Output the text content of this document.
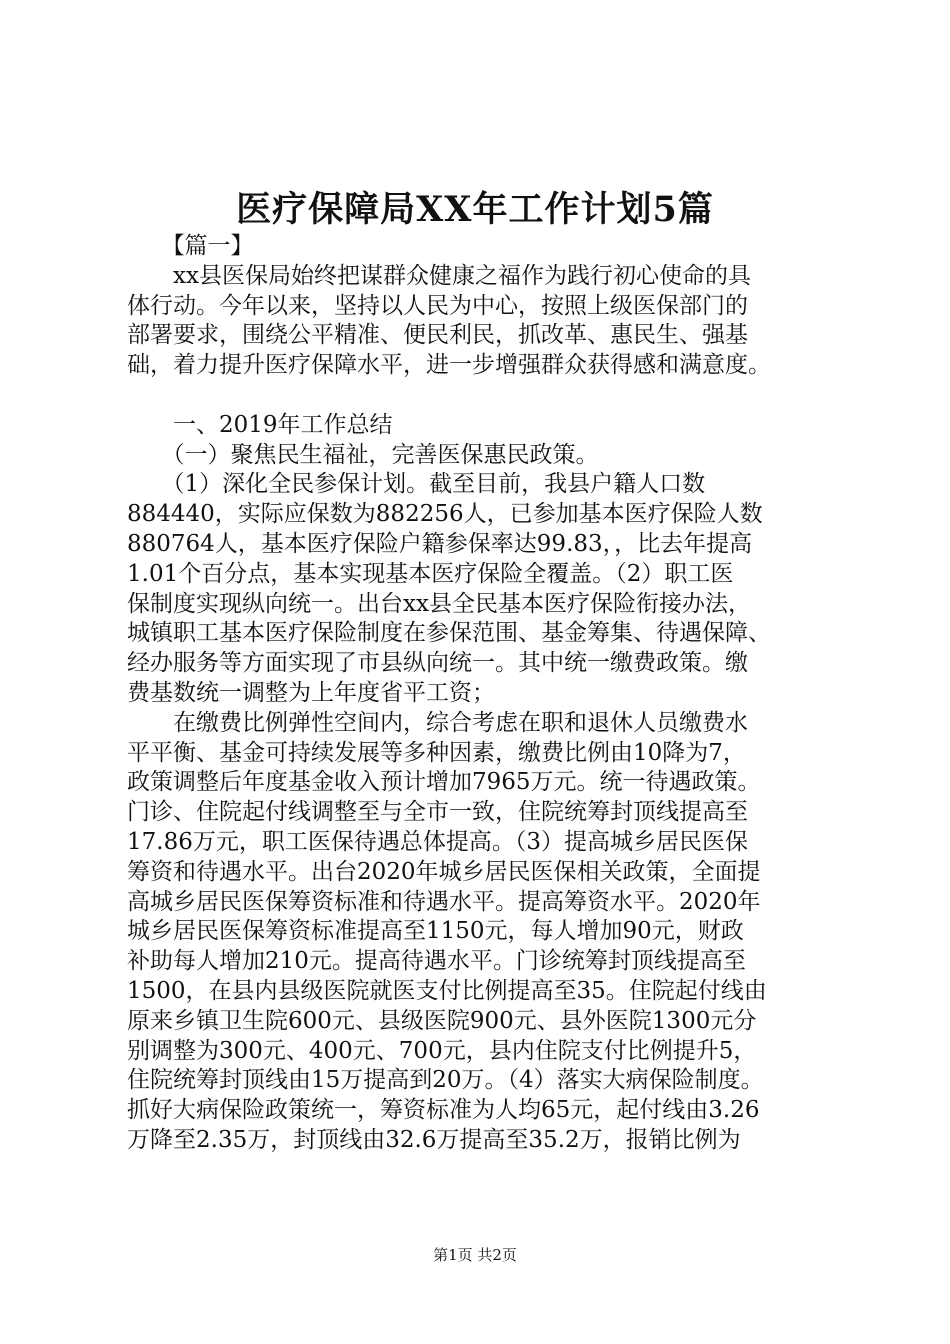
医疗保障局XX年工作计划5篇
　　【篇一】
　　xx县医保局始终把谋群众健康之福作为践行初心使命的具
体行动。今年以来，坚持以人民为中心，按照上级医保部门的
部署要求，围绕公平精准、便民利民，抓改革、惠民生、强基
础，着力提升医疗保障水平，进一步增强群众获得感和满意度。
　　一、2019年工作总结
　　（一）聚焦民生福祉，完善医保惠民政策。
　　（1）深化全民参保计划。截至目前，我县户籍人口数
884440，实际应保数为882256人，已参加基本医疗保险人数
880764人，基本医疗保险户籍参保率达99.83，，比去年提高
1.01个百分点，基本实现基本医疗保险全覆盖。（2）职工医
保制度实现纵向统一。出台xx县全民基本医疗保险衔接办法，
城镇职工基本医疗保险制度在参保范围、基金筹集、待遇保障、
经办服务等方面实现了市县纵向统一。其中统一缴费政策。缴
费基数统一调整为上年度省平工资；
　　在缴费比例弹性空间内，综合考虑在职和退休人员缴费水
平平衡、基金可持续发展等多种因素，缴费比例由10降为7，
政策调整后年度基金收入预计增加7965万元。统一待遇政策。
门诊、住院起付线调整至与全市一致，住院统筹封顶线提高至
17.86万元，职工医保待遇总体提高。（3）提高城乡居民医保
筹资和待遇水平。出台2020年城乡居民医保相关政策，全面提
高城乡居民医保筹资标准和待遇水平。提高筹资水平。2020年
城乡居民医保筹资标准提高至1150元，每人增加90元，财政
补助每人增加210元。提高待遇水平。门诊统筹封顶线提高至
1500，在县内县级医院就医支付比例提高至35。住院起付线由
原来乡镇卫生院600元、县级医院900元、县外医院1300元分
别调整为300元、400元、700元，县内住院支付比例提升5，
住院统筹封顶线由15万提高到20万。（4）落实大病保险制度。
抓好大病保险政策统一，筹资标准为人均65元，起付线由3.26
万降至2.35万，封顶线由32.6万提高至35.2万，报销比例为
第1页 共2页
